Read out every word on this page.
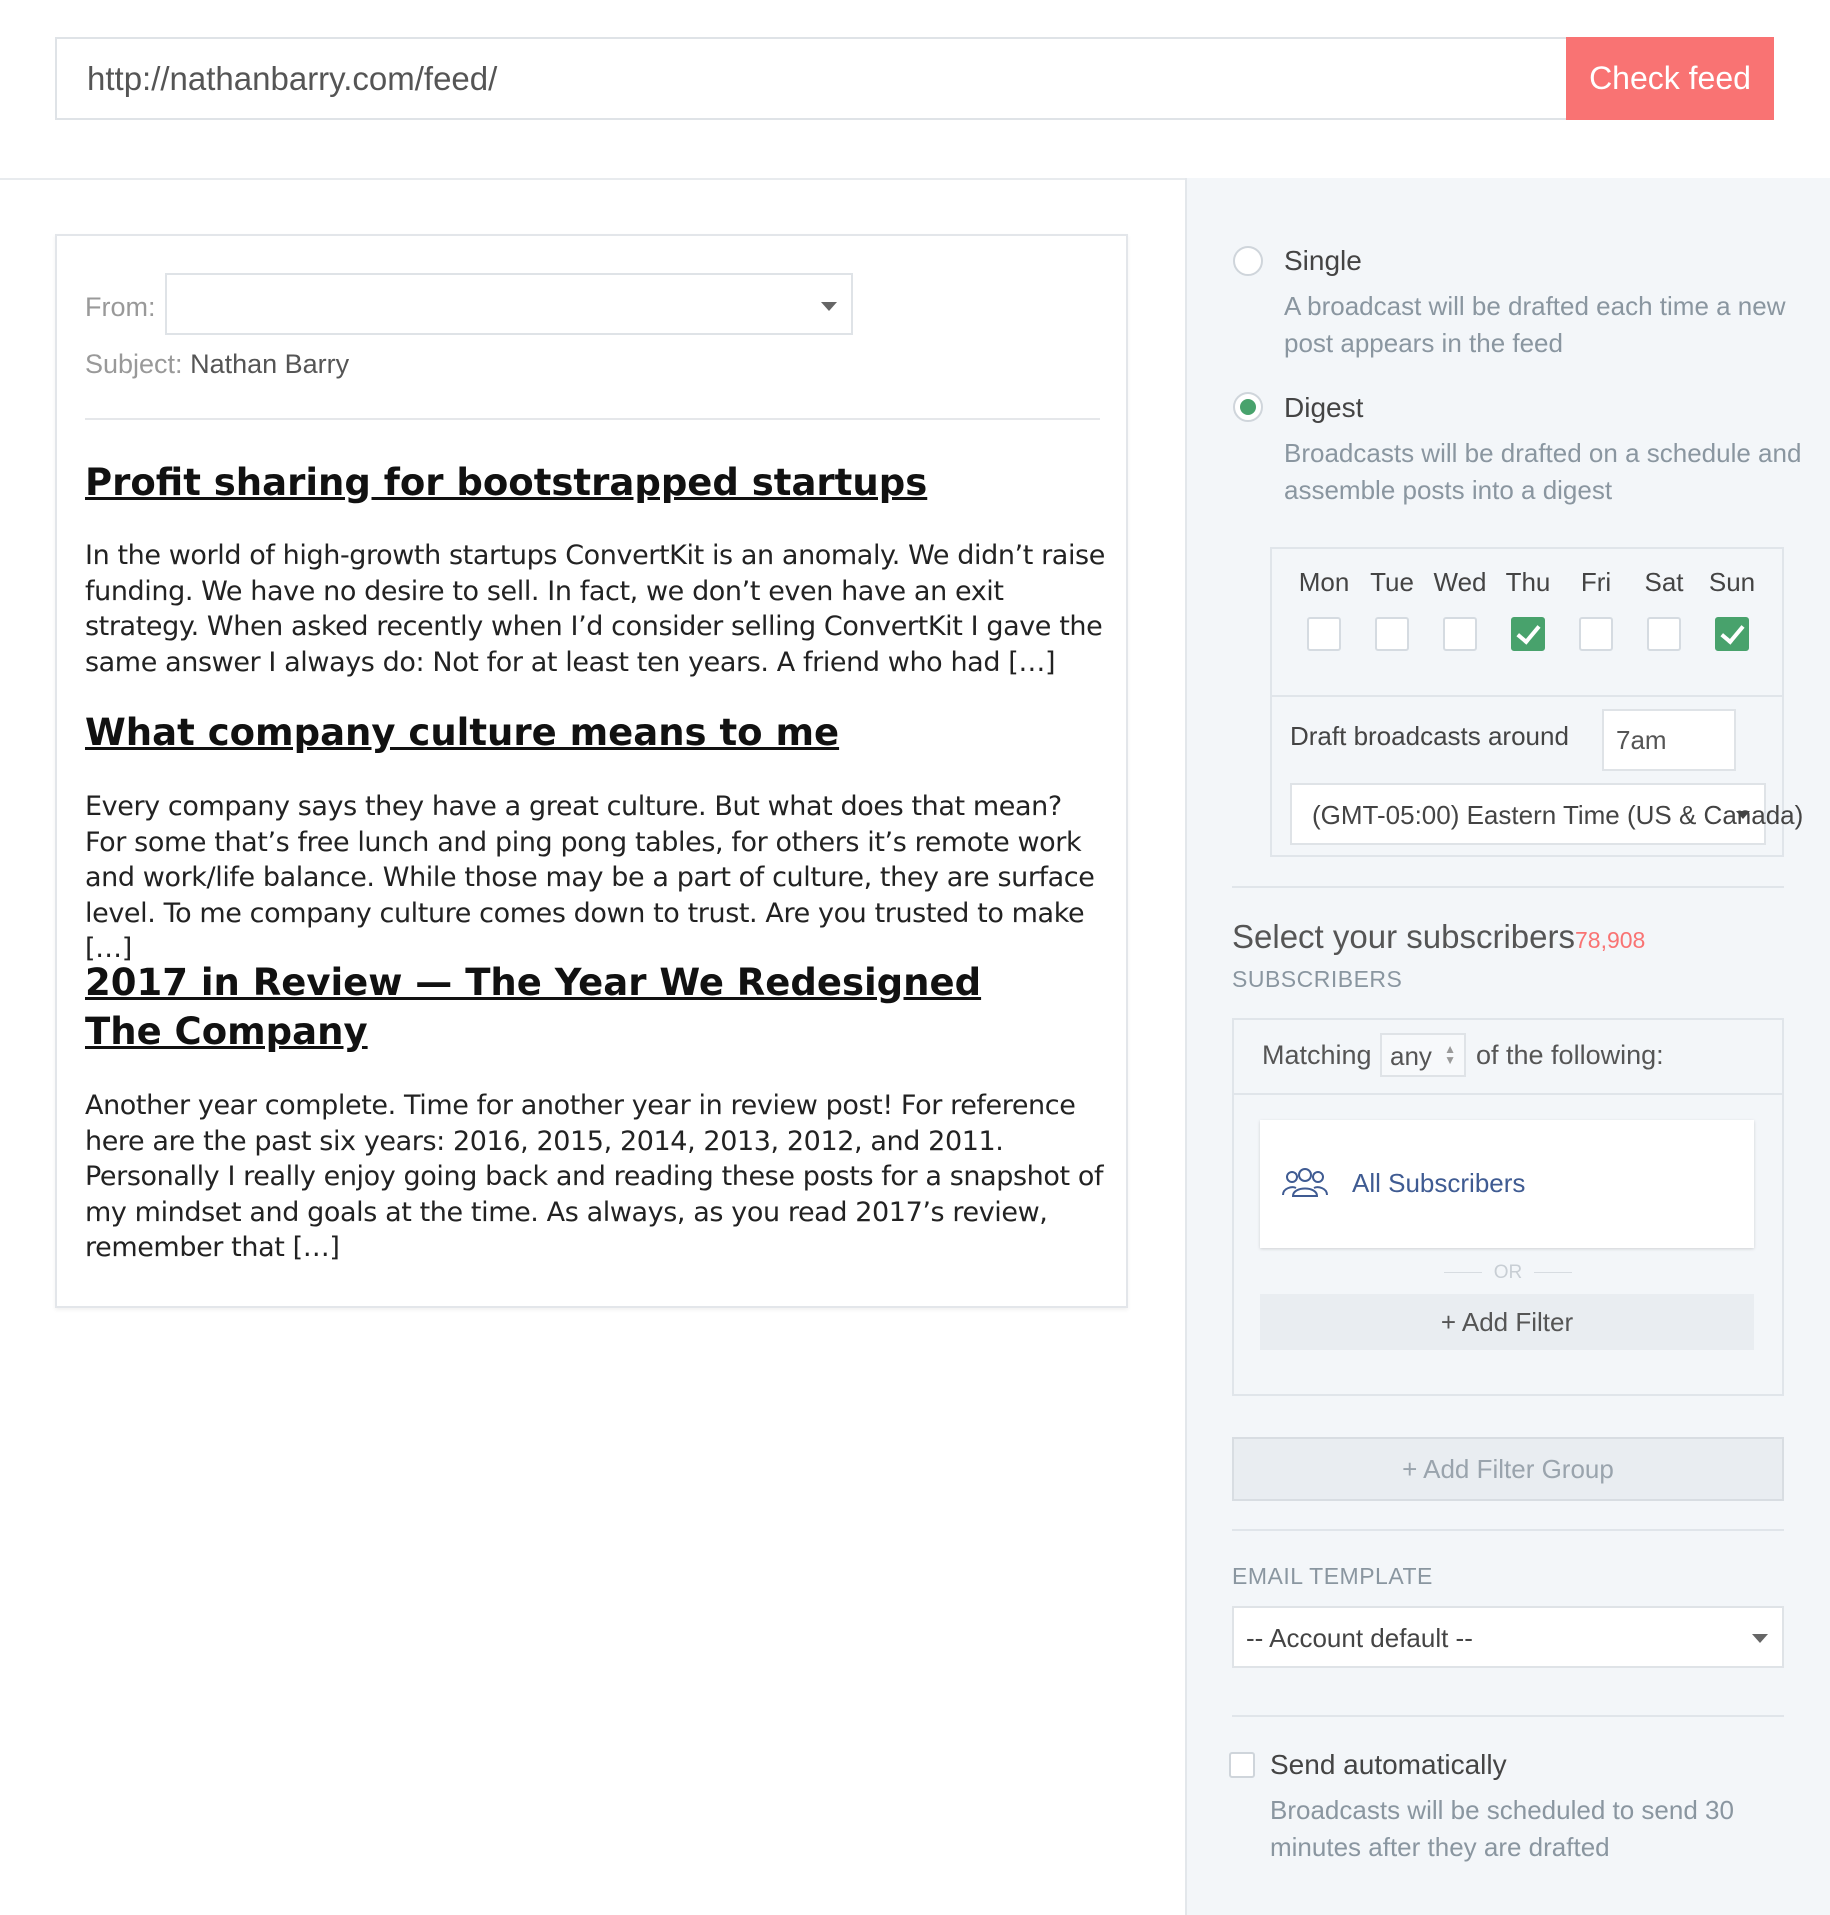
http://nathanbarry.com/feed/
Check feed
From:
Subject: Nathan Barry
Profit sharing for bootstrapped startups
In the world of high-growth startups ConvertKit is an anomaly. We didn’t raise funding. We have no desire to sell. In fact, we don’t even have an exit strategy. When asked recently when I’d consider selling ConvertKit I gave the same answer I always do: Not for at least ten years. A friend who had […]
What company culture means to me
Every company says they have a great culture. But what does that mean? For some that’s free lunch and ping pong tables, for others it’s remote work and work/life balance. While those may be a part of culture, they are surface level. To me company culture comes down to trust. Are you trusted to make […]
2017 in Review — The Year We Redesigned The Company
Another year complete. Time for another year in review post! For reference here are the past six years: 2016, 2015, 2014, 2013, 2012, and 2011. Personally I really enjoy going back and reading these posts for a snapshot of my mindset and goals at the time. As always, as you read 2017’s review, remember that […]
Single
A broadcast will be drafted each time a new post appears in the feed
Digest
Broadcasts will be drafted on a schedule and assemble posts into a digest
Mon Tue Wed Thu	Fri	Sat Sun
Draft broadcasts around
7am
(GMT-05:00) Eastern Time (US & Canada)
Select your subscribers78,908
SUBSCRIBERS
Matching any ▲
▼ of the following:
All Subscribers
OR
+ Add Filter
+ Add Filter Group
EMAIL TEMPLATE
-- Account default --
Send automatically
Broadcasts will be scheduled to send 30 minutes after they are drafted
